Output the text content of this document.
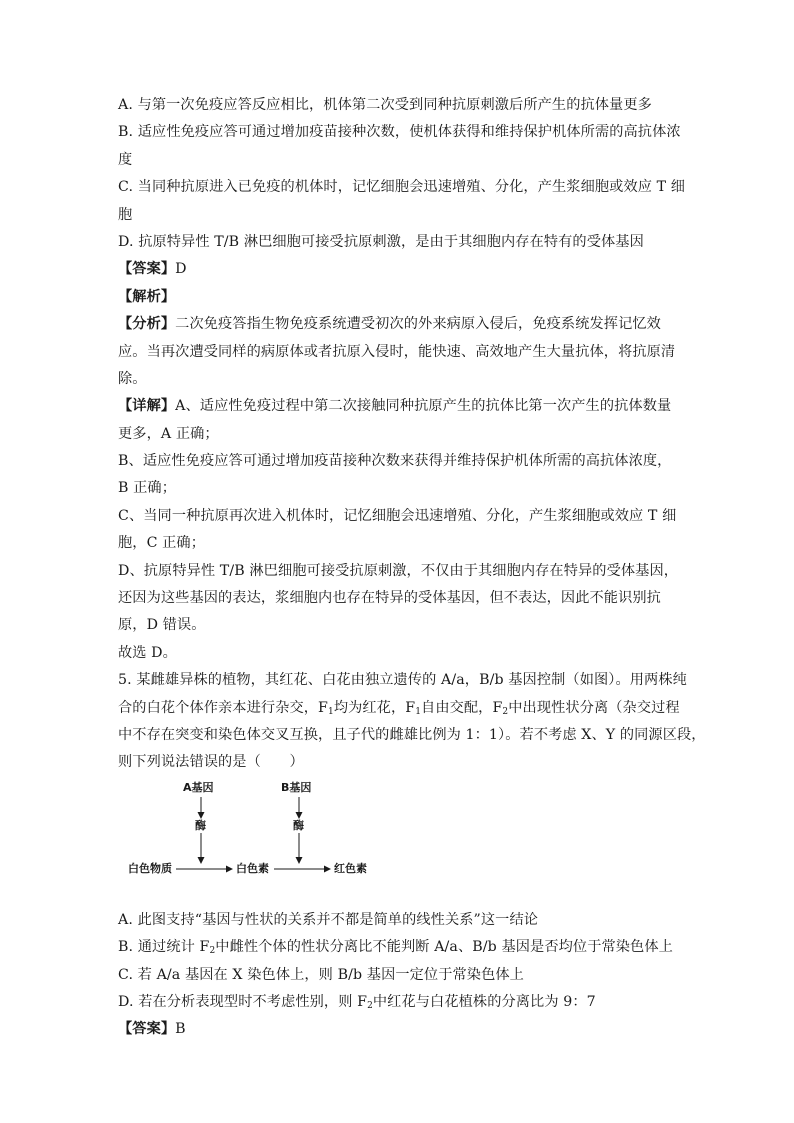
A. 与第一次免疫应答反应相比，机体第二次受到同种抗原刺激后所产生的抗体量更多
B. 适应性免疫应答可通过增加疫苗接种次数，使机体获得和维持保护机体所需的高抗体浓
度
C. 当同种抗原进入已免疫的机体时，记忆细胞会迅速增殖、分化，产生浆细胞或效应 T 细
胞
D. 抗原特异性 T/B 淋巴细胞可接受抗原刺激，是由于其细胞内存在特有的受体基因
【答案】D
【解析】
【分析】二次免疫答指生物免疫系统遭受初次的外来病原入侵后，免疫系统发挥记忆效
应。当再次遭受同样的病原体或者抗原入侵时，能快速、高效地产生大量抗体，将抗原清
除。
【详解】A、适应性免疫过程中第二次接触同种抗原产生的抗体比第一次产生的抗体数量
更多，A 正确；
B、适应性免疫应答可通过增加疫苗接种次数来获得并维持保护机体所需的高抗体浓度，
B 正确；
C、当同一种抗原再次进入机体时，记忆细胞会迅速增殖、分化，产生浆细胞或效应 T 细
胞，C 正确；
D、抗原特异性 T/B 淋巴细胞可接受抗原刺激，不仅由于其细胞内存在特异的受体基因，
还因为这些基因的表达，浆细胞内也存在特异的受体基因，但不表达，因此不能识别抗
原，D 错误。
故选 D。
5. 某雌雄异株的植物，其红花、白花由独立遗传的 A/a，B/b 基因控制（如图）。用两株纯
合的白花个体作亲本进行杂交，$F_1$均为红花，$F_1$自由交配，$F_2$中出现性状分离（杂交过程
中不存在突变和染色体交叉互换，且子代的雌雄比例为 1：1）。若不考虑 X、Y 的同源区段，
则下列说法错误的是（　　）
A基因	B基因
酶	酶
白色物质	白色素	红色素
A. 此图支持“基因与性状的关系并不都是简单的线性关系”这一结论
B. 通过统计 $F_2$中雌性个体的性状分离比不能判断 A/a、B/b 基因是否均位于常染色体上
C. 若 A/a 基因在 X 染色体上，则 B/b 基因一定位于常染色体上
D. 若在分析表现型时不考虑性别，则 $F_2$中红花与白花植株的分离比为 9：7
【答案】B
